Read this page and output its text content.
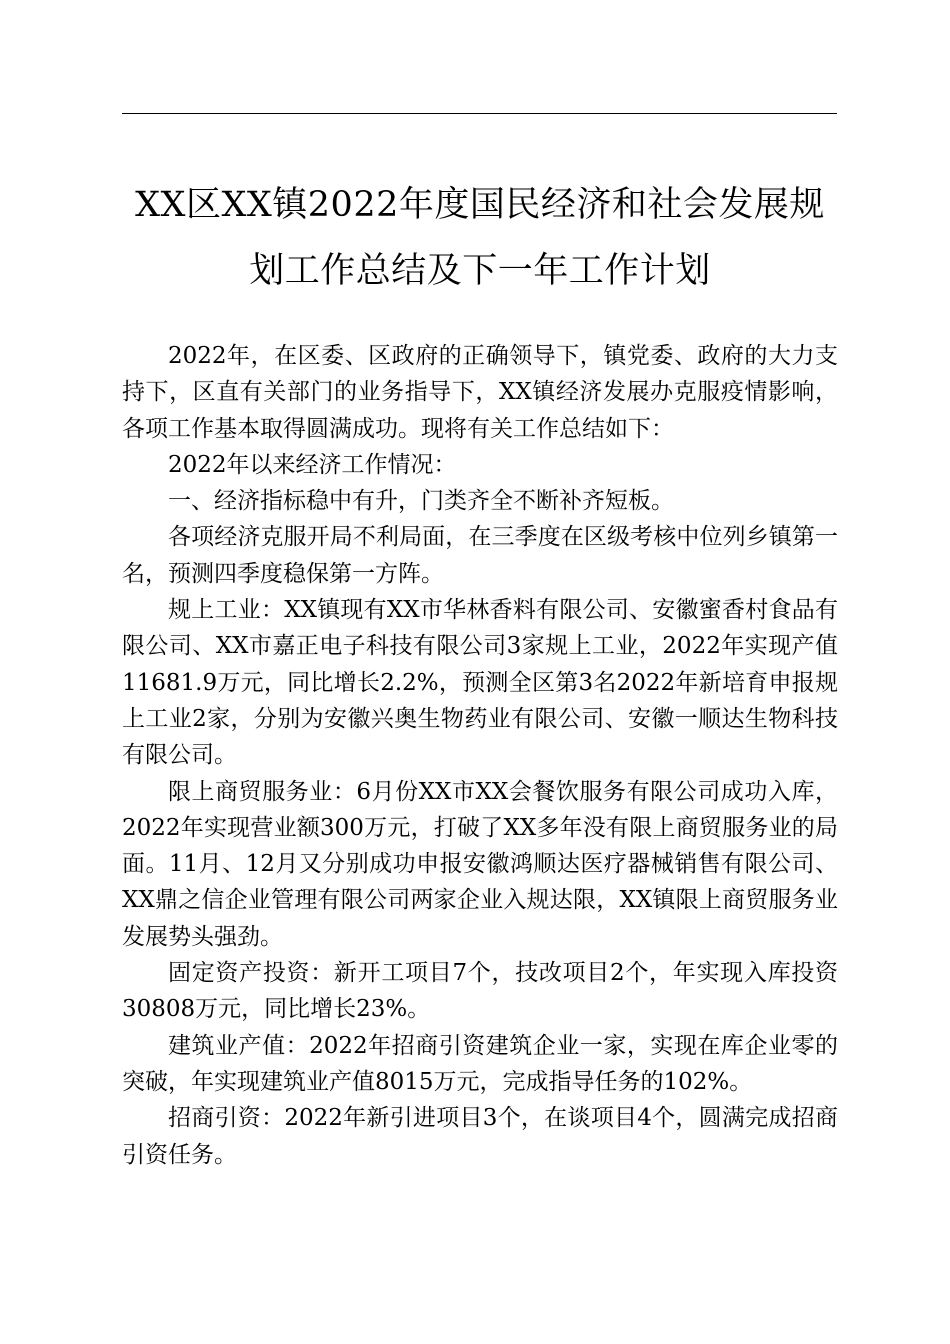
XX区XX镇2022年度国民经济和社会发展规
划工作总结及下一年工作计划

2022年，在区委、区政府的正确领导下，镇党委、政府的大力支持下，区直有关部门的业务指导下，XX镇经济发展办克服疫情影响，各项工作基本取得圆满成功。现将有关工作总结如下：

2022年以来经济工作情况：

一、经济指标稳中有升，门类齐全不断补齐短板。

各项经济克服开局不利局面，在三季度在区级考核中位列乡镇第一名，预测四季度稳保第一方阵。

规上工业：XX镇现有XX市华林香料有限公司、安徽蜜香村食品有限公司、XX市嘉正电子科技有限公司3家规上工业，2022年实现产值11681.9万元，同比增长2.2%，预测全区第3名2022年新培育申报规上工业2家，分别为安徽兴奥生物药业有限公司、安徽一顺达生物科技有限公司。

限上商贸服务业：6月份XX市XX会餐饮服务有限公司成功入库，2022年实现营业额300万元，打破了XX多年没有限上商贸服务业的局面。11月、12月又分别成功申报安徽鸿顺达医疗器械销售有限公司、XX鼎之信企业管理有限公司两家企业入规达限，XX镇限上商贸服务业发展势头强劲。

固定资产投资：新开工项目7个，技改项目2个，年实现入库投资30808万元，同比增长23%。

建筑业产值：2022年招商引资建筑企业一家，实现在库企业零的突破，年实现建筑业产值8015万元，完成指导任务的102%。

招商引资：2022年新引进项目3个，在谈项目4个，圆满完成招商引资任务。
